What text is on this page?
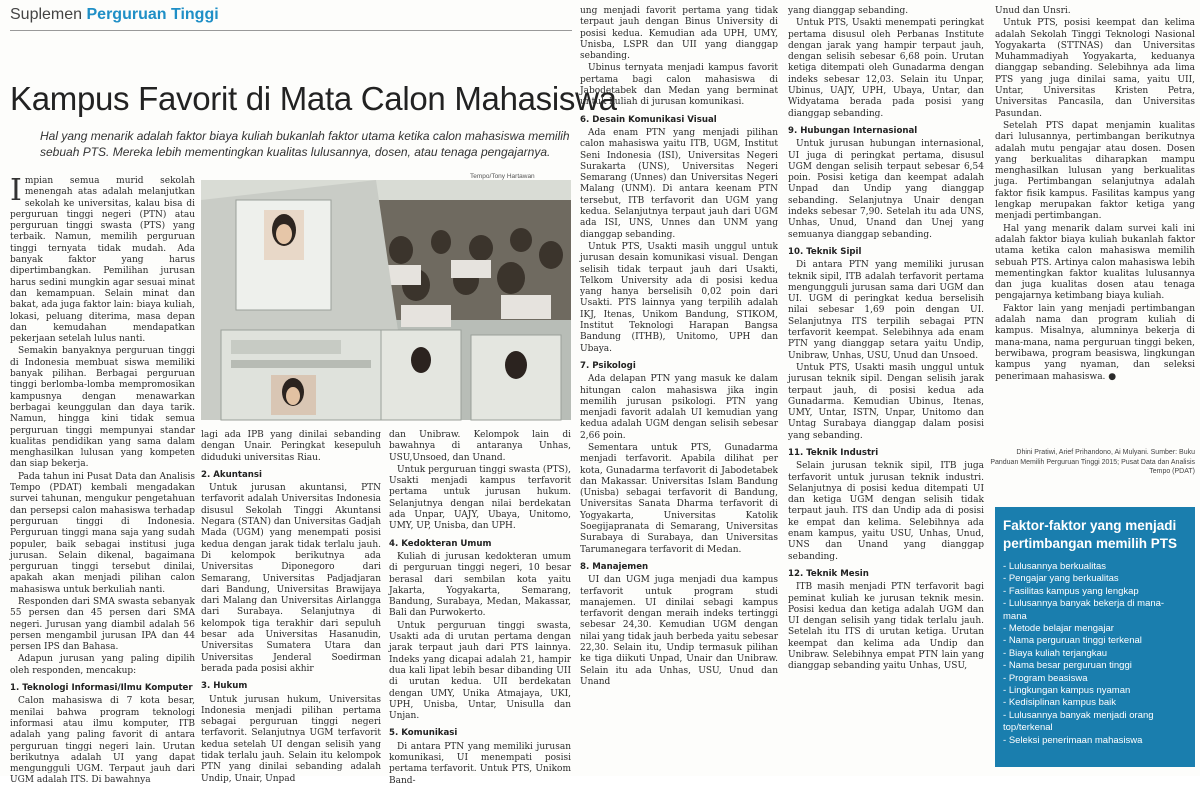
Suplemen Perguruan Tinggi
Kampus Favorit di Mata Calon Mahasiswa
Hal yang menarik adalah faktor biaya kuliah bukanlah faktor utama ketika calon mahasiswa memilih sebuah PTS. Mereka lebih mementingkan kualitas lulusannya, dosen, atau tenaga pengajarnya.
Tempo/Tony Hartawan

Impian semua murid sekolah menengah atas adalah melanjutkan sekolah ke universitas, kalau bisa di perguruan tinggi negeri (PTN) atau perguruan tinggi swasta (PTS) yang terbaik. Namun, memilih perguruan tinggi ternyata tidak mudah. Ada banyak faktor yang harus dipertimbangkan. Pemilihan jurusan harus sedini mungkin agar sesuai minat dan kemampuan. Selain minat dan bakat, ada juga faktor lain: biaya kuliah, lokasi, peluang diterima, masa depan dan kemudahan mendapatkan pekerjaan setelah lulus nanti.

Semakin banyaknya perguruan tinggi di Indonesia membuat siswa memiliki banyak pilihan. Berbagai perguruan tinggi berlomba-lomba mempromosikan kampusnya dengan menawarkan berbagai keunggulan dan daya tarik. Namun, hingga kini tidak semua perguruan tinggi mempunyai standar kualitas pendidikan yang sama dalam menghasilkan lulusan yang kompeten dan siap bekerja.

Pada tahun ini Pusat Data dan Analisis Tempo (PDAT) kembali mengadakan survei tahunan, mengukur pengetahuan dan persepsi calon mahasiswa terhadap perguruan tinggi di Indonesia. Perguruan tinggi mana saja yang sudah populer, baik sebagai institusi juga jurusan. Selain dikenal, bagaimana perguruan tinggi tersebut dinilai, apakah akan menjadi pilihan calon mahasiswa untuk berkuliah nanti.

Responden dari SMA swasta sebanyak 55 persen dan 45 persen dari SMA negeri. Jurusan yang diambil adalah 56 persen mengambil jurusan IPA dan 44 persen IPS dan Bahasa.

Adapun jurusan yang paling dipilih oleh responden, mencakup:

1. Teknologi Informasi/Ilmu Komputer

Calon mahasiswa di 7 kota besar, menilai bahwa program teknologi informasi atau ilmu komputer, ITB adalah yang paling favorit di antara perguruan tinggi negeri lain. Urutan berikutnya adalah UI yang dapat mengungguli UGM. Terpaut jauh dari UGM adalah ITS. Di bawahnya

lagi ada IPB yang dinilai sebanding dengan Unair. Peringkat kesepuluh diduduki universitas Riau.

2. Akuntansi

Untuk jurusan akuntansi, PTN terfavorit adalah Universitas Indonesia disusul Sekolah Tinggi Akuntansi Negara (STAN) dan Universitas Gadjah Mada (UGM) yang menempati posisi kedua dengan jarak tidak terlalu jauh. Di kelompok berikutnya ada Universitas Diponegoro dari Semarang, Universitas Padjadjaran dari Bandung, Universitas Brawijaya dari Malang dan Universitas Airlangga dari Surabaya. Selanjutnya di kelompok tiga terakhir dari sepuluh besar ada Universitas Hasanudin, Universitas Sumatera Utara dan Universitas Jenderal Soedirman berada pada posisi akhir

3. Hukum

Untuk jurusan hukum, Universitas Indonesia menjadi pilihan pertama sebagai perguruan tinggi negeri terfavorit. Selanjutnya UGM terfavorit kedua setelah UI dengan selisih yang tidak terlalu jauh. Selain itu kelompok PTN yang dinilai sebanding adalah Undip, Unair, Unpad

dan Unibraw. Kelompok lain di bawahnya di antaranya Unhas, USU,Unsoed, dan Unand.

Untuk perguruan tinggi swasta (PTS), Usakti menjadi kampus terfavorit pertama untuk jurusan hukum. Selanjutnya dengan nilai berdekatan ada Unpar, UAJY, Ubaya, Unitomo, UMY, UP, Unisba, dan UPH.

4. Kedokteran Umum

Kuliah di jurusan kedokteran umum di perguruan tinggi negeri, 10 besar berasal dari sembilan kota yaitu Jakarta, Yogyakarta, Semarang, Bandung, Surabaya, Medan, Makassar, Bali dan Purwokerto.

Untuk perguruan tinggi swasta, Usakti ada di urutan pertama dengan jarak terpaut jauh dari PTS lainnya. Indeks yang dicapai adalah 21, hampir dua kali lipat lebih besar dibanding UII di urutan kedua. UII berdekatan dengan UMY, Unika Atmajaya, UKI, UPH, Unisba, Untar, Unisulla dan Unjan.

5. Komunikasi

Di antara PTN yang memiliki jurusan komunikasi, UI menempati posisi pertama terfavorit. Untuk PTS, Unikom Band-

ung menjadi favorit pertama yang tidak terpaut jauh dengan Binus University di posisi kedua. Kemudian ada UPH, UMY, Unisba, LSPR dan UII yang dianggap sebanding.

Ubinus ternyata menjadi kampus favorit pertama bagi calon mahasiswa di Jabodetabek dan Medan yang berminat untuk kuliah di jurusan komunikasi.

6. Desain Komunikasi Visual

Ada enam PTN yang menjadi pilihan calon mahasiswa yaitu ITB, UGM, Institut Seni Indonesia (ISI), Universitas Negeri Surakarta (UNS), Universitas Negeri Semarang (Unnes) dan Universitas Negeri Malang (UNM). Di antara keenam PTN tersebut, ITB terfavorit dan UGM yang kedua. Selanjutnya terpaut jauh dari UGM ada ISI, UNS, Unnes dan UNM yang dianggap sebanding.

Untuk PTS, Usakti masih unggul untuk jurusan desain komunikasi visual. Dengan selisih tidak terpaut jauh dari Usakti, Telkom University ada di posisi kedua yang hanya berselisih 0,02 poin dari Usakti. PTS lainnya yang terpilih adalah IKJ, Itenas, Unikom Bandung, STIKOM, Institut Teknologi Harapan Bangsa Bandung (ITHB), Unitomo, UPH dan Ubaya.

7. Psikologi

Ada delapan PTN yang masuk ke dalam hitungan calon mahasiswa jika ingin memilih jurusan psikologi. PTN yang menjadi favorit adalah UI kemudian yang kedua adalah UGM dengan selisih sebesar 2,66 poin.

Sementara untuk PTS, Gunadarma menjadi terfavorit. Apabila dilihat per kota, Gunadarma terfavorit di Jabodetabek dan Makassar. Universitas Islam Bandung (Unisba) sebagai terfavorit di Bandung, Universitas Sanata Dharma terfavorit di Yogyakarta, Universitas Katolik Soegijapranata di Semarang, Universitas Surabaya di Surabaya, dan Universitas Tarumanegara terfavorit di Medan.

8. Manajemen

UI dan UGM juga menjadi dua kampus terfavorit untuk program studi manajemen. UI dinilai sebagi kampus terfavorit dengan meraih indeks tertinggi sebesar 24,30. Kemudian UGM dengan nilai yang tidak jauh berbeda yaitu sebesar 22,30. Selain itu, Undip termasuk pilihan ke tiga diikuti Unpad, Unair dan Unibraw. Selain itu ada Unhas, USU, Unud dan Unand

yang dianggap sebanding.

Untuk PTS, Usakti menempati peringkat pertama disusul oleh Perbanas Institute dengan jarak yang hampir terpaut jauh, dengan selisih sebesar 6,68 poin. Urutan ketiga ditempati oleh Gunadarma dengan indeks sebesar 12,03. Selain itu Unpar, Ubinus, UAJY, UPH, Ubaya, Untar, dan Widyatama berada pada posisi yang dianggap sebanding.

9. Hubungan Internasional

Untuk jurusan hubungan internasional, UI juga di peringkat pertama, disusul UGM dengan selisih terpaut sebesar 6,54 poin. Posisi ketiga dan keempat adalah Unpad dan Undip yang dianggap sebanding. Selanjutnya Unair dengan indeks sebesar 7,90. Setelah itu ada UNS, Unhas, Unud, Unand dan Unej yang semuanya dianggap sebanding.

10. Teknik Sipil

Di antara PTN yang memiliki jurusan teknik sipil, ITB adalah terfavorit pertama mengungguli jurusan sama dari UGM dan UI. UGM di peringkat kedua berselisih nilai sebesar 1,69 poin dengan UI. Selanjutnya ITS terpilih sebagai PTN terfavorit keempat. Selebihnya ada enam PTN yang dianggap setara yaitu Undip, Unibraw, Unhas, USU, Unud dan Unsoed.

Untuk PTS, Usakti masih unggul untuk jurusan teknik sipil. Dengan selisih jarak terpaut jauh, di posisi kedua ada Gunadarma. Kemudian Ubinus, Itenas, UMY, Untar, ISTN, Unpar, Unitomo dan Untag Surabaya dianggap dalam posisi yang sebanding.

11. Teknik Industri

Selain jurusan teknik sipil, ITB juga terfavorit untuk jurusan teknik industri. Selanjutnya di posisi kedua ditempati UI dan ketiga UGM dengan selisih tidak terpaut jauh. ITS dan Undip ada di posisi ke empat dan kelima. Selebihnya ada enam kampus, yaitu USU, Unhas, Unud, UNS dan Unand yang dianggap sebanding.

12. Teknik Mesin

ITB masih menjadi PTN terfavorit bagi peminat kuliah ke jurusan teknik mesin. Posisi kedua dan ketiga adalah UGM dan UI dengan selisih yang tidak terlalu jauh. Setelah itu ITS di urutan ketiga. Urutan keempat dan kelima ada Undip dan Unibraw. Selebihnya empat PTN lain yang dianggap sebanding yaitu Unhas, USU,

Unud dan Unsri.

Untuk PTS, posisi keempat dan kelima adalah Sekolah Tinggi Teknologi Nasional Yogyakarta (STTNAS) dan Universitas Muhammadiyah Yogyakarta, keduanya dianggap sebanding. Selebihnya ada lima PTS yang juga dinilai sama, yaitu UII, Untar, Universitas Kristen Petra, Universitas Pancasila, dan Universitas Pasundan.

Setelah PTS dapat menjamin kualitas dari lulusannya, pertimbangan berikutnya adalah mutu pengajar atau dosen. Dosen yang berkualitas diharapkan mampu menghasilkan lulusan yang berkualitas juga. Pertimbangan selanjutnya adalah faktor fisik kampus. Fasilitas kampus yang lengkap merupakan faktor ketiga yang menjadi pertimbangan.

Hal yang menarik dalam survei kali ini adalah faktor biaya kuliah bukanlah faktor utama ketika calon mahasiswa memilih sebuah PTS. Artinya calon mahasiswa lebih mementingkan faktor kualitas lulusannya dan juga kualitas dosen atau tenaga pengajarnya ketimbang biaya kuliah.

Faktor lain yang menjadi pertimbangan adalah nama dan program kuliah di kampus. Misalnya, alumninya bekerja di mana-mana, nama perguruan tinggi beken, berwibawa, program beasiswa, lingkungan kampus yang nyaman, dan seleksi penerimaan mahasiswa. ●

Dhini Pratiwi, Arief Prihandono, Ai Mulyani. Sumber: Buku Panduan Memilih Perguruan Tinggi 2015; Pusat Data dan Analisis Tempo (PDAT)
Faktor-faktor yang menjadi pertimbangan memilih PTS
- Lulusannya berkualitas
- Pengajar yang berkualitas
- Fasilitas kampus yang lengkap
- Lulusannya banyak bekerja di mana-mana
- Metode belajar mengajar
- Nama perguruan tinggi terkenal
- Biaya kuliah terjangkau
- Nama besar perguruan tinggi
- Program beasiswa
- Lingkungan kampus nyaman
- Kedisiplinan kampus baik
- Lulusannya banyak menjadi orang top/terkenal
- Seleksi penerimaan mahasiswa
